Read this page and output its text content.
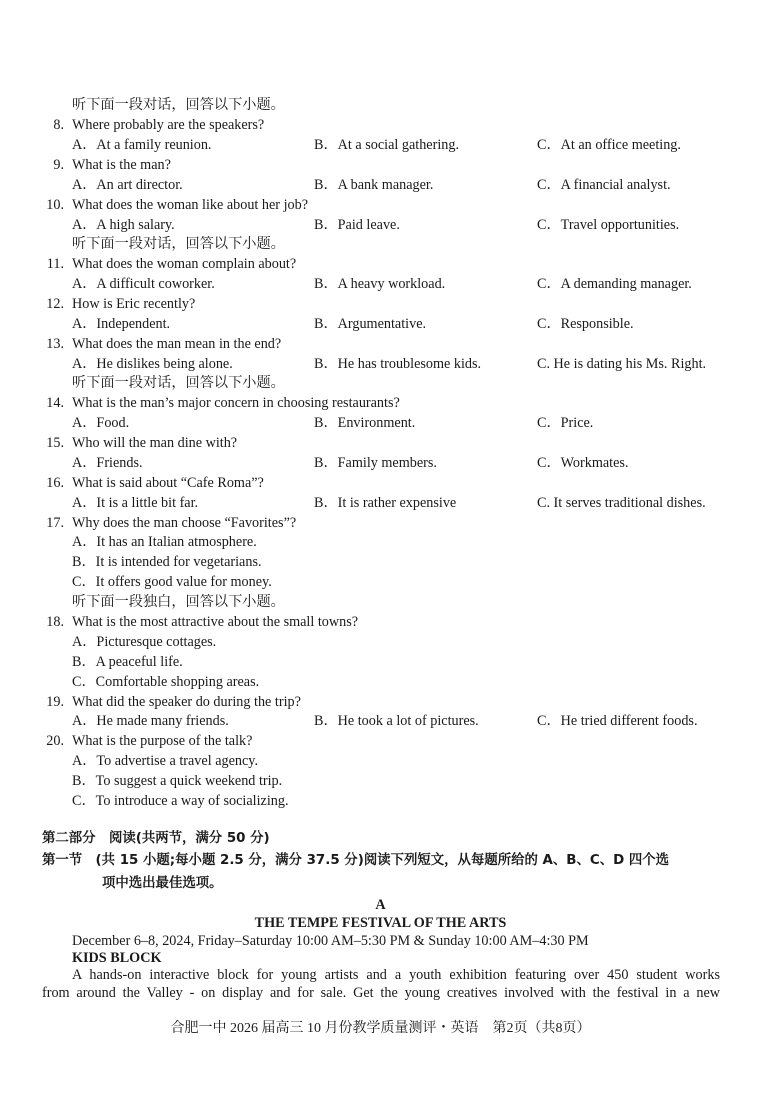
听下面一段对话，回答以下小题。
8. Where probably are the speakers?
A．At a family reunion.	B．At a social gathering.	C．At an office meeting.
9. What is the man?
A．An art director.	B．A bank manager.	C．A financial analyst.
10. What does the woman like about her job?
A．A high salary.	B．Paid leave.	C．Travel opportunities.
听下面一段对话，回答以下小题。
11. What does the woman complain about?
A．A difficult coworker.	B．A heavy workload.	C．A demanding manager.
12. How is Eric recently?
A．Independent.	B．Argumentative.	C．Responsible.
13. What does the man mean in the end?
A．He dislikes being alone.	B．He has troublesome kids.	C. He is dating his Ms. Right.
听下面一段对话，回答以下小题。
14. What is the man’s major concern in choosing restaurants?
A．Food.	B．Environment.	C．Price.
15. Who will the man dine with?
A．Friends.	B．Family members.	C．Workmates.
16. What is said about “Cafe Roma”?
A．It is a little bit far.	B．It is rather expensive	C. It serves traditional dishes.
17. Why does the man choose “Favorites”?
A．It has an Italian atmosphere.
B．It is intended for vegetarians.
C．It offers good value for money.
听下面一段独白，回答以下小题。
18. What is the most attractive about the small towns?
A．Picturesque cottages.
B．A peaceful life.
C．Comfortable shopping areas.
19. What did the speaker do during the trip?
A．He made many friends.	B．He took a lot of pictures.	C．He tried different foods.
20. What is the purpose of the talk?
A．To advertise a travel agency.
B．To suggest a quick weekend trip.
C．To introduce a way of socializing.
第二部分　阅读(共两节，满分 50 分)
第一节　(共 15 小题;每小题 2.5 分，满分 37.5 分)阅读下列短文，从每题所给的 A、B、C、D 四个选
项中选出最佳选项。
A
THE TEMPE FESTIVAL OF THE ARTS
December 6–8, 2024, Friday–Saturday 10:00 AM–5:30 PM & Sunday 10:00 AM–4:30 PM
KIDS BLOCK
A hands-on interactive block for young artists and a youth exhibition featuring over 450 student works
from around the Valley - on display and for sale. Get the young creatives involved with the festival in a new
合肥一中 2026 届高三 10 月份教学质量测评・英语　第2页（共8页）
